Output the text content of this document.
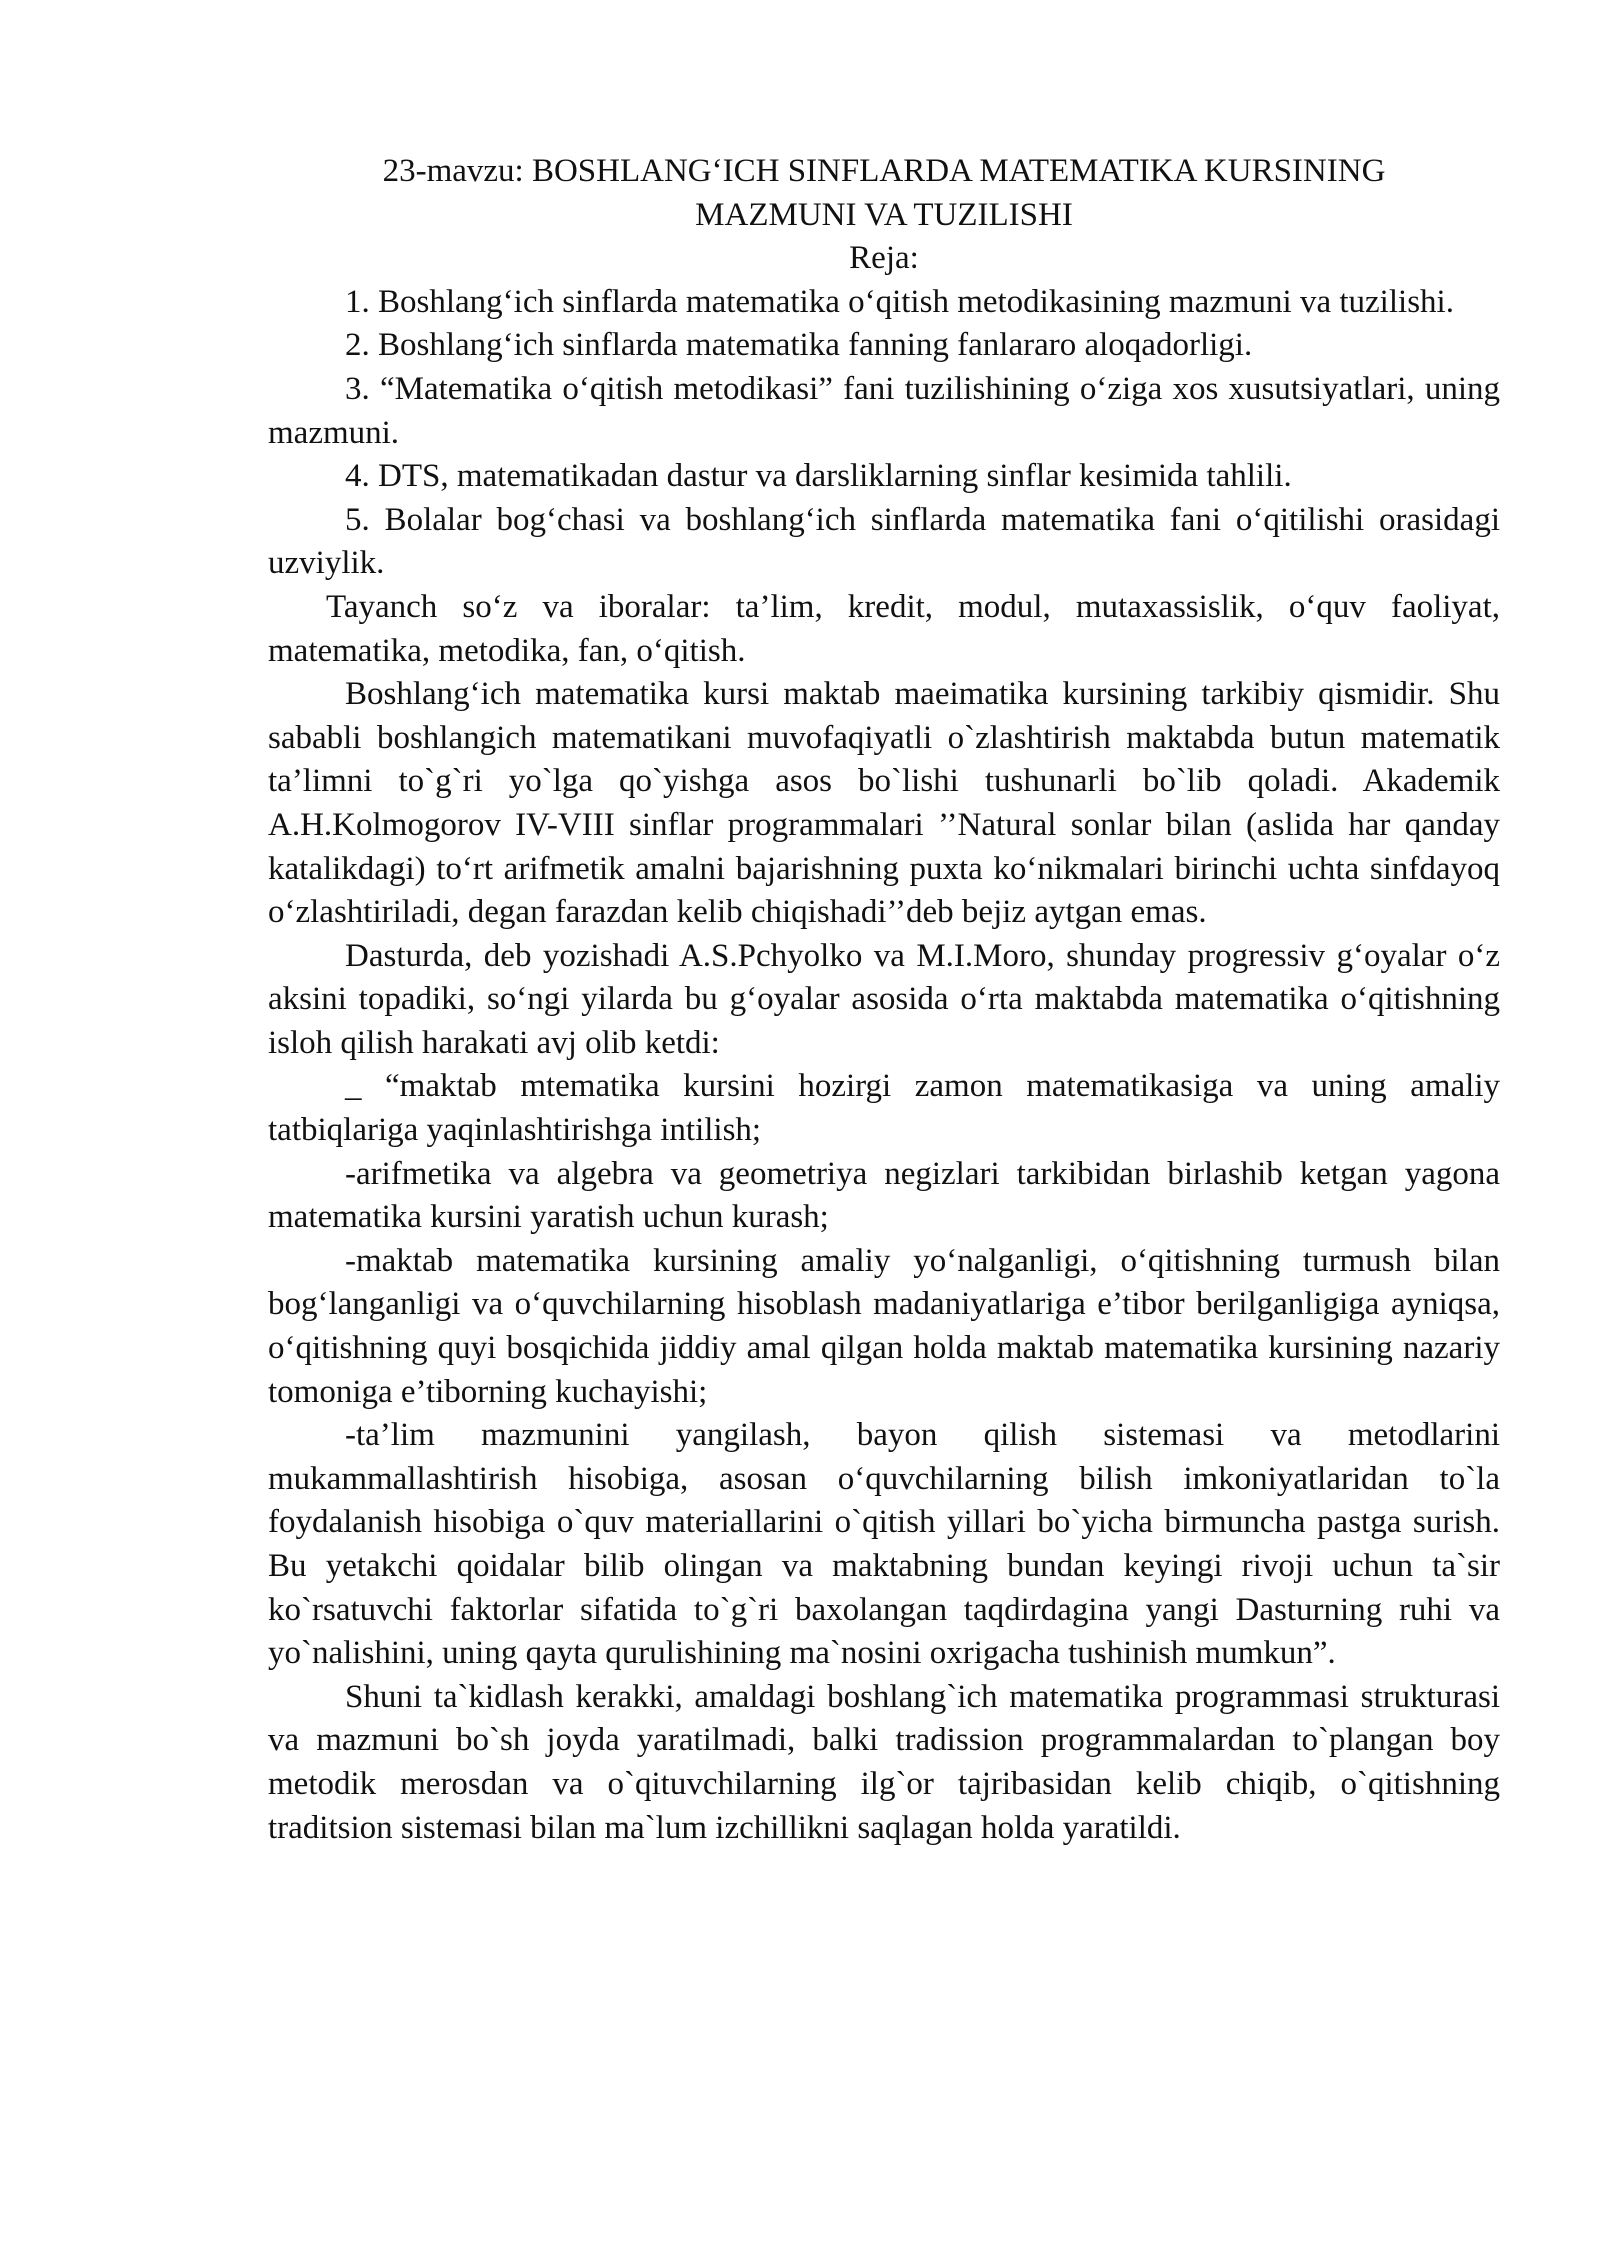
23-mavzu: BOSHLANG‘ICH SINFLARDA MATEMATIKA KURSINING
MAZMUNI VA TUZILISHI
Reja:

1. Boshlang‘ich sinflarda matematika o‘qitish metodikasining mazmuni va tuzilishi.

2. Boshlang‘ich sinflarda matematika fanning fanlararo aloqadorligi.

3. “Matematika o‘qitish metodikasi” fani tuzilishining o‘ziga xos xusutsiyatlari, uning mazmuni.

4. DTS, matematikadan dastur va darsliklarning sinflar kesimida tahlili.

5. Bolalar bog‘chasi va boshlang‘ich sinflarda matematika fani o‘qitilishi orasidagi uzviylik.

Tayanch so‘z va iboralar: ta’lim, kredit, modul, mutaxassislik, o‘quv faoliyat, matematika, metodika, fan, o‘qitish.

Boshlang‘ich matematika kursi maktab maeimatika kursining tarkibiy qismidir. Shu sababli boshlangich matematikani muvofaqiyatli o`zlashtirish maktabda butun matematik ta’limni to`g`ri yo`lga qo`yishga asos bo`lishi tushunarli bo`lib qoladi. Akademik A.H.Kolmogorov IV-VIII sinflar programmalari ’’Natural sonlar bilan (aslida har qanday katalikdagi) to‘rt arifmetik amalni bajarishning puxta ko‘nikmalari birinchi uchta sinfdayoq o‘zlashtiriladi, degan farazdan kelib chiqishadi’’deb bejiz aytgan emas.

Dasturda, deb yozishadi A.S.Pchyolko va M.I.Moro, shunday progressiv g‘oyalar o‘z aksini topadiki, so‘ngi yilarda bu g‘oyalar asosida o‘rta maktabda matematika o‘qitishning isloh qilish harakati avj olib ketdi:

_ “maktab mtematika kursini hozirgi zamon matematikasiga va uning amaliy tatbiqlariga yaqinlashtirishga intilish;

-arifmetika va algebra va geometriya negizlari tarkibidan birlashib ketgan yagona matematika kursini yaratish uchun kurash;

-maktab matematika kursining amaliy yo‘nalganligi, o‘qitishning turmush bilan bog‘langanligi va o‘quvchilarning hisoblash madaniyatlariga e’tibor berilganligiga ayniqsa, o‘qitishning quyi bosqichida jiddiy amal qilgan holda maktab matematika kursining nazariy tomoniga e’tiborning kuchayishi;

-ta’lim mazmunini yangilash, bayon qilish sistemasi va metodlarini mukammallashtirish hisobiga, asosan o‘quvchilarning bilish imkoniyatlaridan to`la foydalanish hisobiga o`quv materiallarini o`qitish yillari bo`yicha birmuncha pastga surish. Bu yetakchi qoidalar bilib olingan va maktabning bundan keyingi rivoji uchun ta`sir ko`rsatuvchi faktorlar sifatida to`g`ri baxolangan taqdirdagina yangi Dasturning ruhi va yo`nalishini, uning qayta qurulishining ma`nosini oxrigacha tushinish mumkun”.

Shuni ta`kidlash kerakki, amaldagi boshlang`ich matematika programmasi strukturasi va mazmuni bo`sh joyda yaratilmadi, balki tradission programmalardan to`plangan boy metodik merosdan va o`qituvchilarning ilg`or tajribasidan kelib chiqib, o`qitishning traditsion sistemasi bilan ma`lum izchillikni saqlagan holda yaratildi.
